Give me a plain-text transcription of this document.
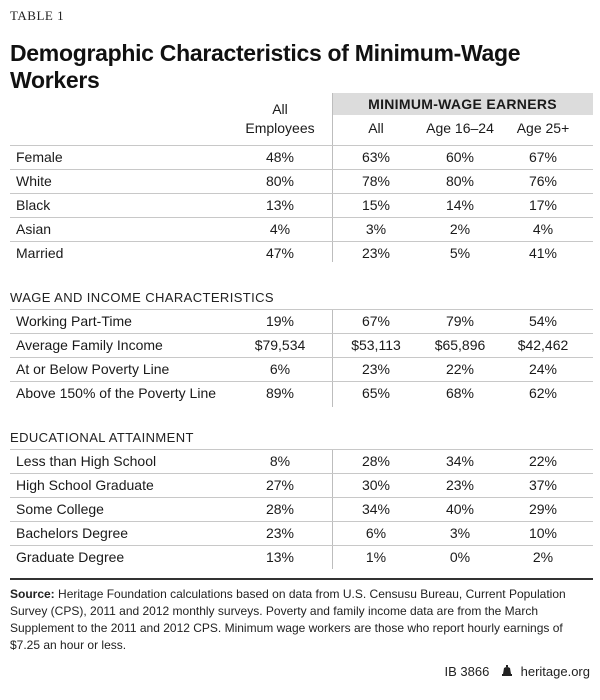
TABLE 1
Demographic Characteristics of Minimum-Wage Workers
All
Employees
MINIMUM-WAGE EARNERS
All	Age 16–24	Age 25+
Female	48%	63%	60%	67%
White	80%	78%	80%	76%
Black	13%	15%	14%	17%
Asian	4%	3%	2%	4%
Married	47%	23%	5%	41%
WAGE AND INCOME CHARACTERISTICS
Working Part-Time	19%	67%	79%	54%
Average Family Income	$79,534	$53,113	$65,896	$42,462
At or Below Poverty Line	6%	23%	22%	24%
Above 150% of the Poverty Line	89%	65%	68%	62%
EDUCATIONAL ATTAINMENT
Less than High School	8%	28%	34%	22%
High School Graduate	27%	30%	23%	37%
Some College	28%	34%	40%	29%
Bachelors Degree	23%	6%	3%	10%
Graduate Degree	13%	1%	0%	2%
Source: Heritage Foundation calculations based on data from U.S. Censusu Bureau, Current Population Survey (CPS), 2011 and 2012 monthly surveys. Poverty and family income data are from the March Supplement to the 2011 and 2012 CPS. Minimum wage workers are those who report hourly earnings of $7.25 an hour or less.
IB 3866 heritage.org
